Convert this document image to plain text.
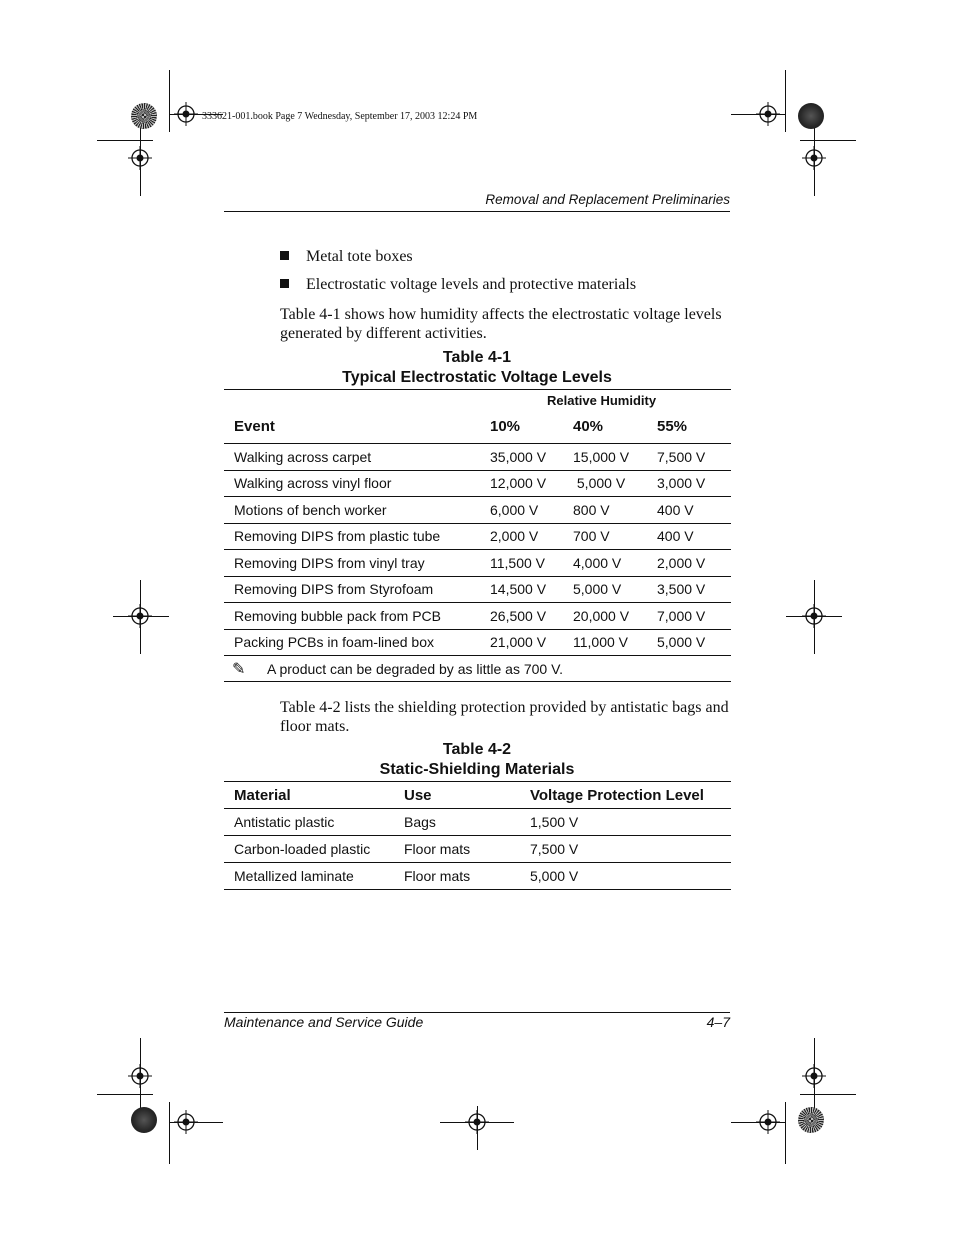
333621-001.book Page 7 Wednesday, September 17, 2003 12:24 PM
Removal and Replacement Preliminaries
Metal tote boxes
Electrostatic voltage levels and protective materials
Table 4-1 shows how humidity affects the electrostatic voltage levels generated by different activities.
Table 4-1
Typical Electrostatic Voltage Levels
		Relative Humidity	
Event	10%	40%	55%
Walking across carpet	35,000 V	15,000 V	7,500 V
Walking across vinyl floor	12,000 V	5,000 V	3,000 V
Motions of bench worker	6,000 V	800 V	400 V
Removing DIPS from plastic tube	2,000 V	700 V	400 V
Removing DIPS from vinyl tray	11,500 V	4,000 V	2,000 V
Removing DIPS from Styrofoam	14,500 V	5,000 V	3,500 V
Removing bubble pack from PCB	26,500 V	20,000 V	7,000 V
Packing PCBs in foam-lined box	21,000 V	11,000 V	5,000 V
✎ A product can be degraded by as little as 700 V.			
Table 4-2 lists the shielding protection provided by antistatic bags and floor mats.
Table 4-2
Static-Shielding Materials
Material	Use	Voltage Protection Level
Antistatic plastic	Bags	1,500 V
Carbon-loaded plastic	Floor mats	7,500 V
Metallized laminate	Floor mats	5,000 V
Maintenance and Service Guide	4–7
